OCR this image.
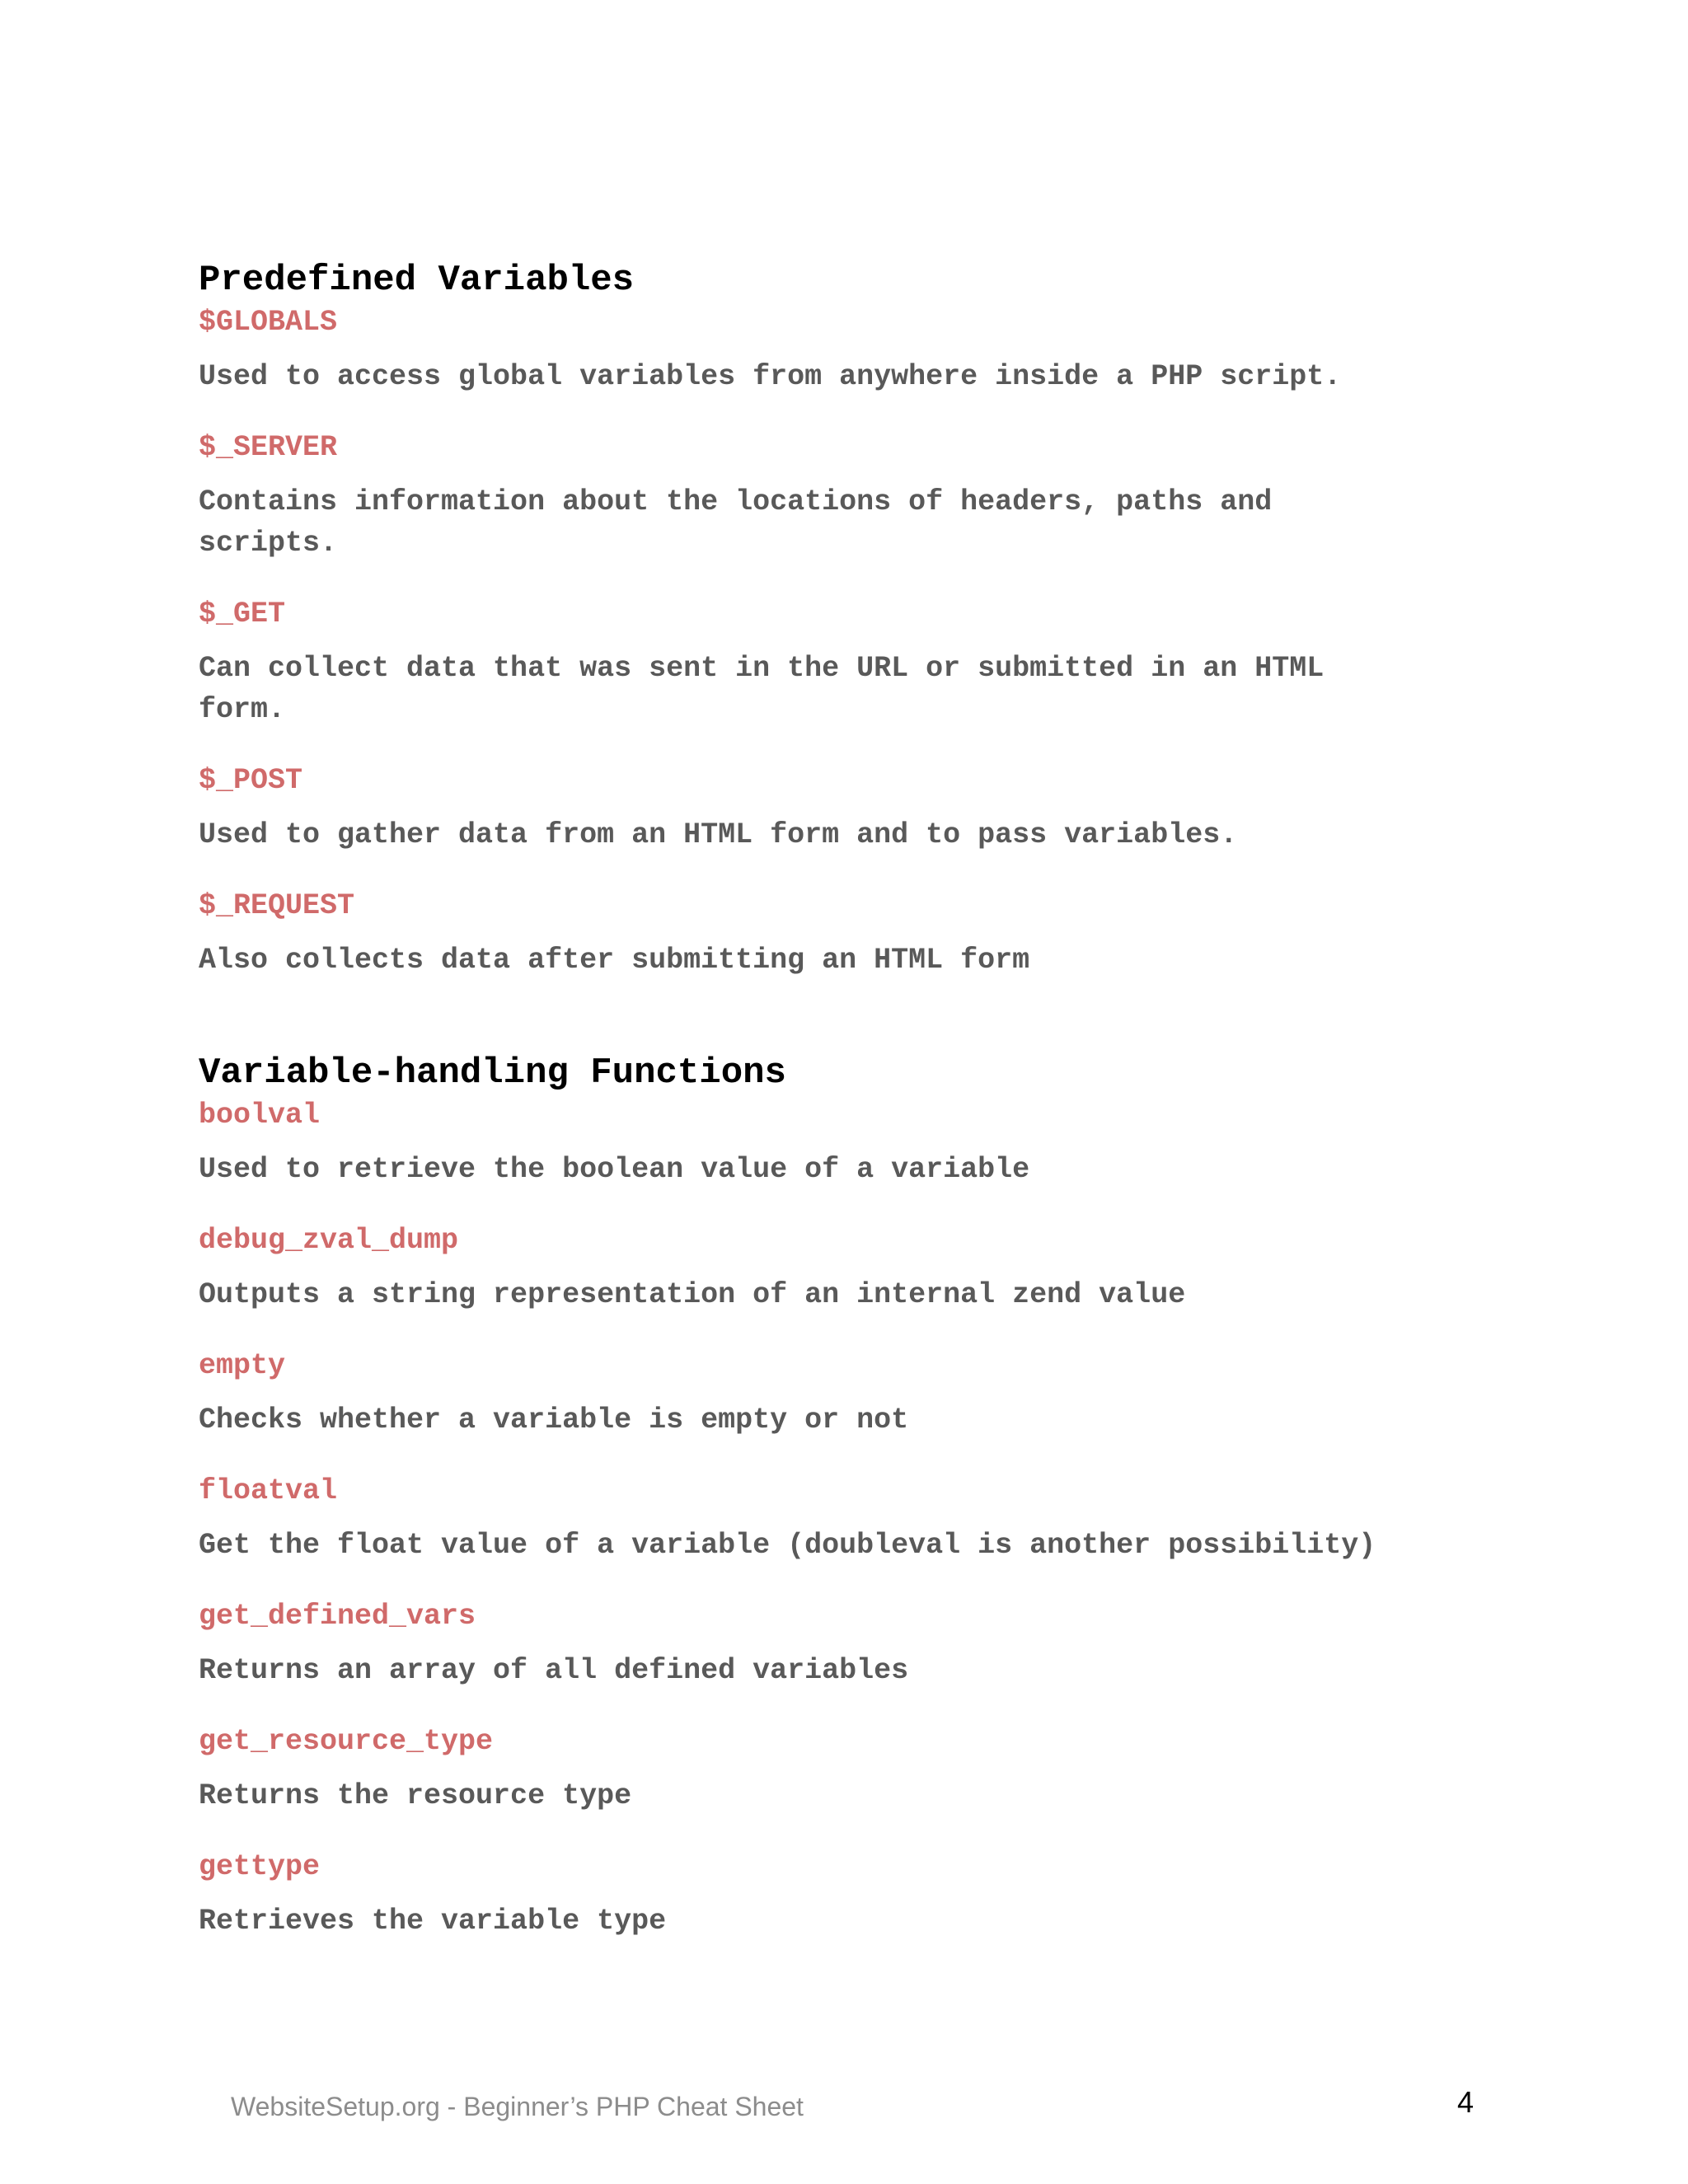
Predefined Variables
$GLOBALS
Used to access global variables from anywhere inside a PHP script.
$_SERVER
Contains information about the locations of headers, paths and scripts.
$_GET
Can collect data that was sent in the URL or submitted in an HTML form.
$_POST
Used to gather data from an HTML form and to pass variables.
$_REQUEST
Also collects data after submitting an HTML form
Variable-handling Functions
boolval
Used to retrieve the boolean value of a variable
debug_zval_dump
Outputs a string representation of an internal zend value
empty
Checks whether a variable is empty or not
floatval
Get the float value of a variable (doubleval is another possibility)
get_defined_vars
Returns an array of all defined variables
get_resource_type
Returns the resource type
gettype
Retrieves the variable type
WebsiteSetup.org - Beginner’s PHP Cheat Sheet	4
